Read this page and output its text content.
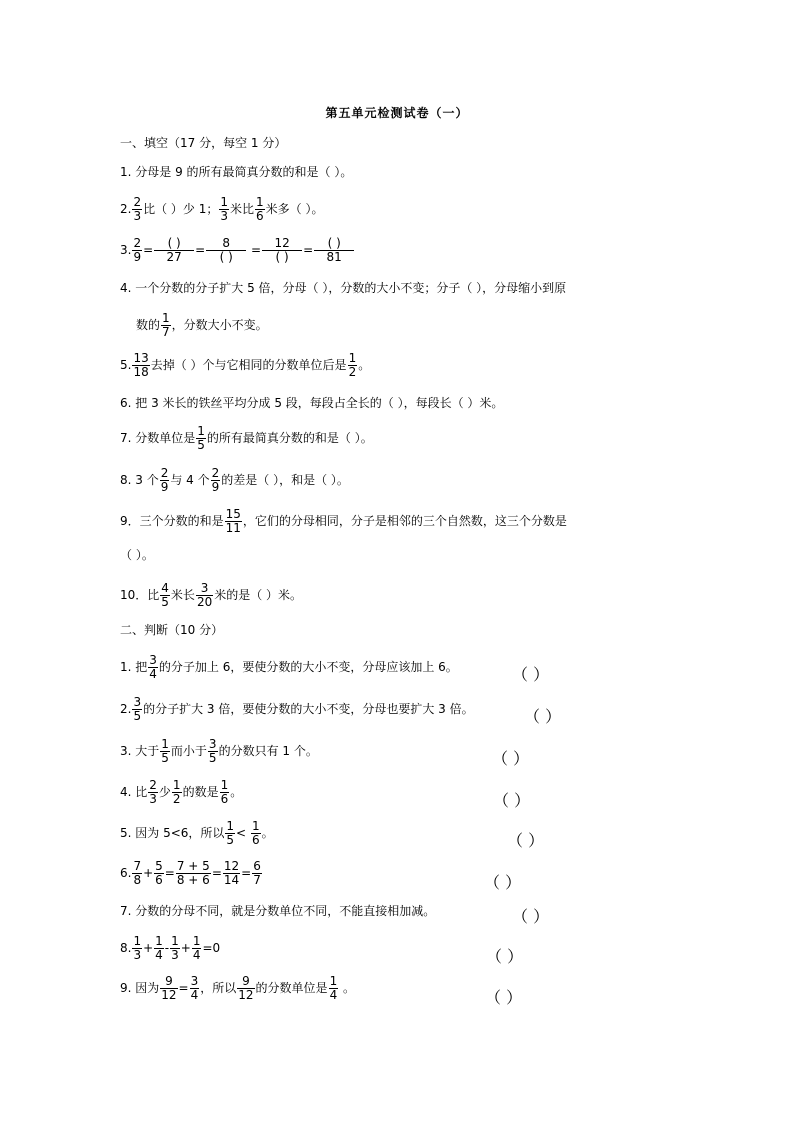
第五单元检测试卷（一）
一、填空（17 分，每空 1 分）
1. 分母是 9 的所有最简真分数的和是（ ）。
2. $\frac{2}{3}$ 比（ ）少 1； $\frac{1}{3}$ 米比 $\frac{1}{6}$ 米多（ ）。
3. $\frac{2}{9} = \frac{( )}{27} = \frac{8}{( )} = \frac{12}{( )} = \frac{( )}{81}$
4. 一个分数的分子扩大 5 倍，分母（ ），分数的大小不变；分子（ ），分母缩小到原
数的 $\frac{1}{7}$ ，分数大小不变。
5. $\frac{13}{18}$ 去掉（ ）个与它相同的分数单位后是 $\frac{1}{2}$ 。
6. 把 3 米长的铁丝平均分成 5 段，每段占全长的（ ），每段长（ ）米。
7. 分数单位是 $\frac{1}{5}$ 的所有最简真分数的和是（ ）。
8. 3 个 $\frac{2}{9}$ 与 4 个 $\frac{2}{9}$ 的差是（ ），和是（ ）。
9．三个分数的和是 $\frac{15}{11}$ ，它们的分母相同，分子是相邻的三个自然数，这三个分数是
（ ）。
10．比 $\frac{4}{5}$ 米长 $\frac{3}{20}$ 米的是（ ）米。
二、判断（10 分）
1. 把 $\frac{3}{4}$ 的分子加上 6，要使分数的大小不变，分母应该加上 6。	（ ）
2. $\frac{3}{5}$ 的分子扩大 3 倍，要使分数的大小不变，分母也要扩大 3 倍。	（ ）
3. 大于 $\frac{1}{5}$ 而小于 $\frac{3}{5}$ 的分数只有 1 个。	（ ）
4. 比 $\frac{2}{3}$ 少 $\frac{1}{2}$ 的数是 $\frac{1}{6}$ 。	（ ）
5. 因为 5<6，所以 $\frac{1}{5} < \frac{1}{6}$ 。	（ ）
6. $\frac{7}{8} + \frac{5}{6} = \frac{7 + 5}{8 + 6} = \frac{12}{14} = \frac{6}{7}$	（ ）
7. 分数的分母不同，就是分数单位不同，不能直接相加减。	（ ）
8. $\frac{1}{3} + \frac{1}{4} - \frac{1}{3} + \frac{1}{4} =0$	（ ）
9. 因为 $\frac{9}{12} = \frac{3}{4}$ ，所以 $\frac{9}{12}$ 的分数单位是 $\frac{1}{4}$ 。	（ ）
